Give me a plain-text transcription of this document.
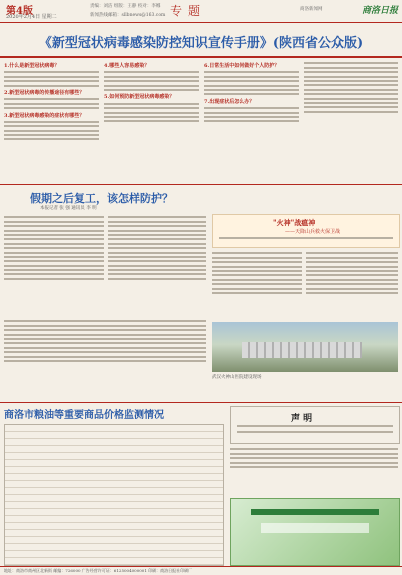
第4版
2020年2月4日 星期二
责编：刘洁 组版：王静 校对：李娜
新闻热线邮箱：sllbnews@163.com 专题	商洛新闻网	商洛日报
《新型冠状病毒感染防控知识宣传手册》(陕西省公众版)
1.什么是新型冠状病毒？
2.新型冠状病毒的传播途径有哪些？
3.新型冠状病毒感染的症状有哪些？
4.哪些人容易感染？
5.如何预防新型冠状病毒感染？
6.日常生活中如何做好个人防护？
7.出现症状后怎么办？
假期之后复工，该怎样防护？
本报记者 张 强 通讯员 李 明
"火神"战瘟神
——天降山兵救火保卫战
武汉火神山医院建设现场
商洛市粮油等重要商品价格监测情况	声 明
地址：商洛市商州区北新街 邮编：726000 广告经营许可证：6125004000001 印刷：商洛日报社印刷厂
